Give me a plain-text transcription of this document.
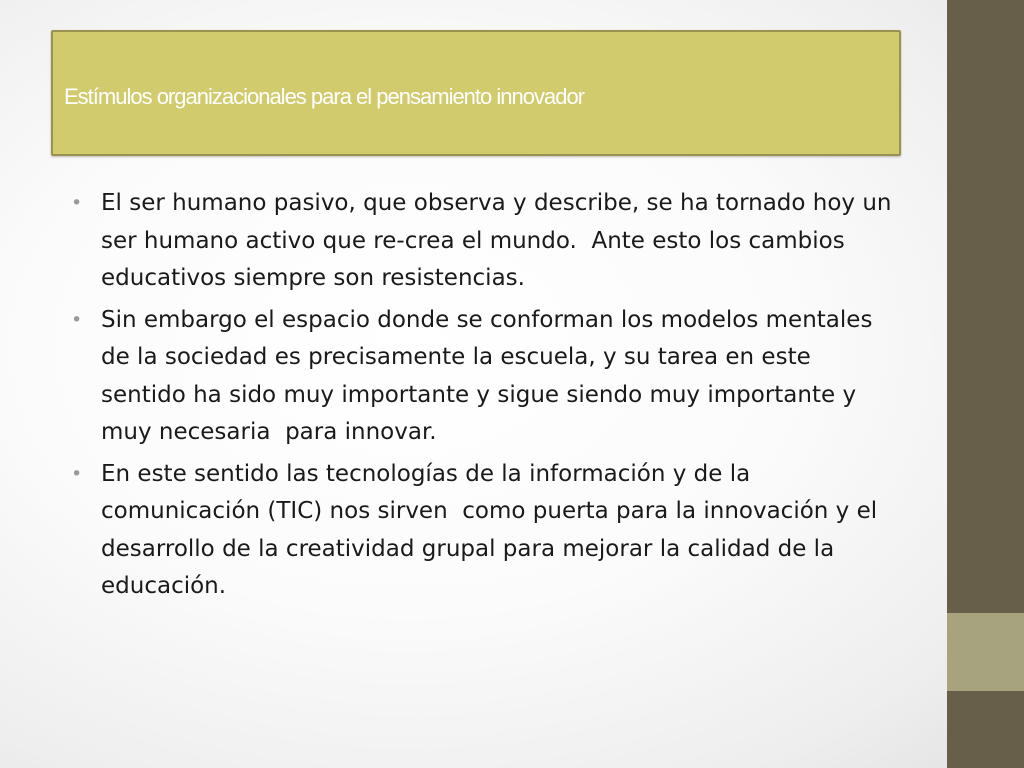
Estímulos organizacionales para el pensamiento innovador
• El ser humano pasivo, que observa y describe, se ha tornado hoy un ser humano activo que re-crea el mundo.  Ante esto los cambios educativos siempre son resistencias.
• Sin embargo el espacio donde se conforman los modelos mentales de la sociedad es precisamente la escuela, y su tarea en este sentido ha sido muy importante y sigue siendo muy importante y muy necesaria  para innovar.
• En este sentido las tecnologías de la información y de la comunicación (TIC) nos sirven  como puerta para la innovación y el desarrollo de la creatividad grupal para mejorar la calidad de la educación.
